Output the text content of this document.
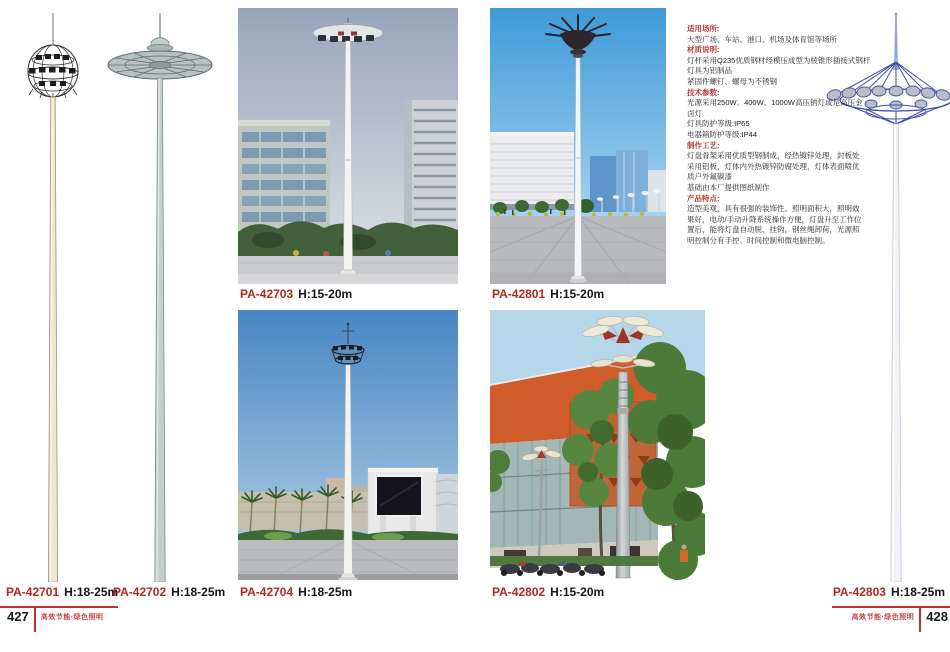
适用场所:
大型广场、车站、港口、机场及体育馆等场所
材质说明:
灯杆采用Q235优质钢材经模压成型为棱锥形插接式钢杆
灯具为铝制品
紧固件螺钉、螺母为不锈钢
技术参数:
光源采用250W、400W、1000W高压钠灯或是高压金
卤灯
灯具防护等级:IP65
电器箱防护等级:IP44
制作工艺:
灯盘骨架采用优质型钢制成，经热镀锌处理，封板处
采用铝板，灯体内外热镀锌防腐处理，灯体表面喷优
质户外氟碳漆
基础由本厂提供图纸制作
产品特点:
造型美观，具有很强的装饰性。照明面积大，照明效
果好，电动/手动升降系统操作方便，灯盘升至工作位
置后，能将灯盘自动脱、挂钩，钢丝绳卸荷，光源照
明控制分有手控、时间控制和微电脑控制。
PA-42701 H:18-25m
PA-42702 H:18-25m
PA-42703 H:15-20m	PA-42801 H:15-20m
PA-42704 H:18-25m	PA-42802 H:15-20m	PA-42803 H:18-25m
427	高效节能·绿色照明	高效节能·绿色照明 428
